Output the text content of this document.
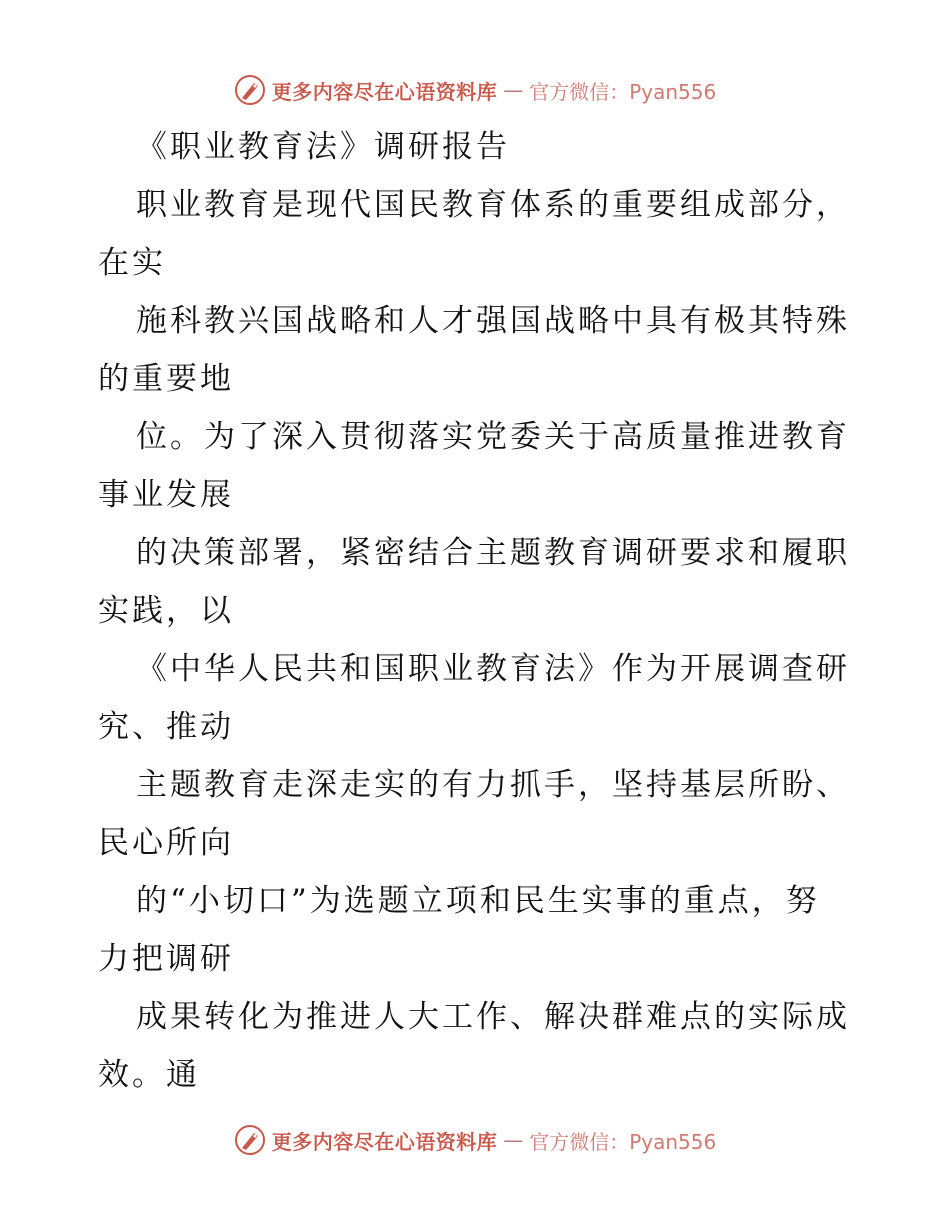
更多内容尽在心语资料库 — 官方微信：Pyan556
《职业教育法》调研报告
职业教育是现代国民教育体系的重要组成部分，
在实
施科教兴国战略和人才强国战略中具有极其特殊
的重要地
位。为了深入贯彻落实党委关于高质量推进教育
事业发展
的决策部署，紧密结合主题教育调研要求和履职
实践，以
《中华人民共和国职业教育法》作为开展调查研
究、推动
主题教育走深走实的有力抓手，坚持基层所盼、
民心所向
的“小切口”为选题立项和民生实事的重点，努
力把调研
成果转化为推进人大工作、解决群难点的实际成
效。通
更多内容尽在心语资料库 — 官方微信：Pyan556
